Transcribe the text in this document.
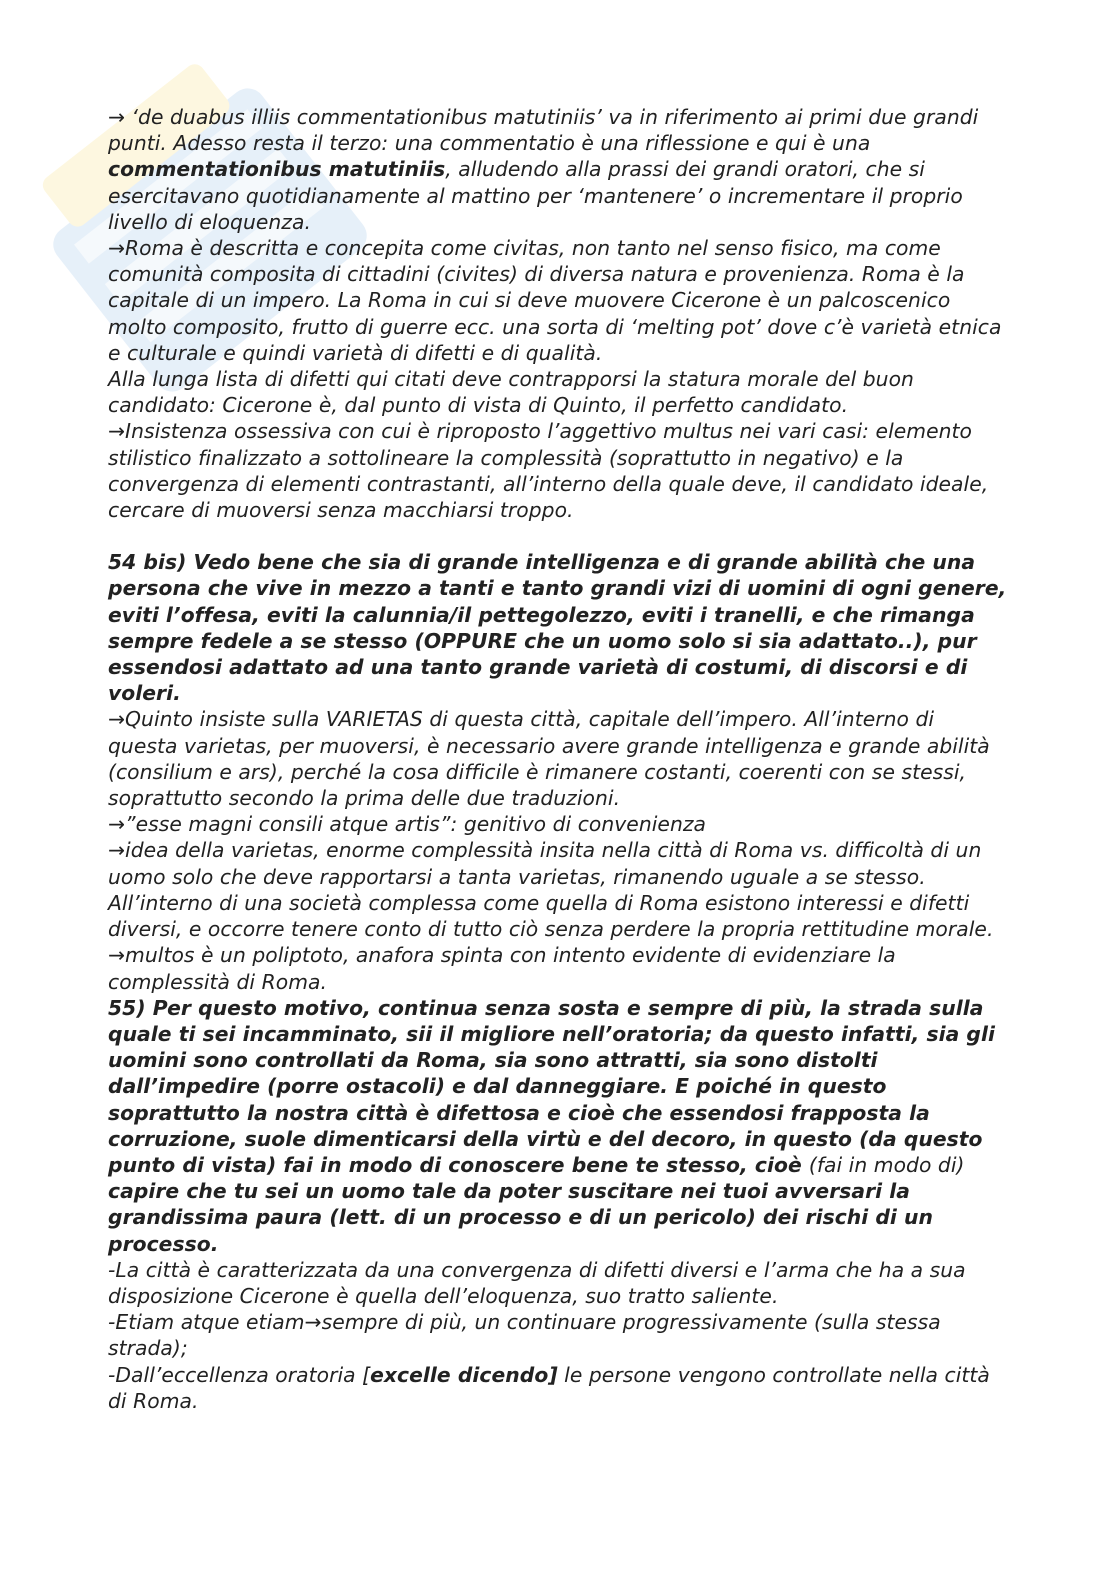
→ ‘de duabus illiis commentationibus matutiniis’ va in riferimento ai primi due grandi punti. Adesso resta il terzo: una commentatio è una riflessione e qui è una commentationibus matutiniis, alludendo alla prassi dei grandi oratori, che si esercitavano quotidianamente al mattino per ‘mantenere’ o incrementare il proprio livello di eloquenza.

→Roma è descritta e concepita come civitas, non tanto nel senso fisico, ma come comunità composita di cittadini (civites) di diversa natura e provenienza. Roma è la capitale di un impero. La Roma in cui si deve muovere Cicerone è un palcoscenico molto composito, frutto di guerre ecc. una sorta di ‘melting pot’ dove c’è varietà etnica e culturale e quindi varietà di difetti e di qualità.

Alla lunga lista di difetti qui citati deve contrapporsi la statura morale del buon candidato: Cicerone è, dal punto di vista di Quinto, il perfetto candidato.

→Insistenza ossessiva con cui è riproposto l’aggettivo multus nei vari casi: elemento stilistico finalizzato a sottolineare la complessità (soprattutto in negativo) e la convergenza di elementi contrastanti, all’interno della quale deve, il candidato ideale, cercare di muoversi senza macchiarsi troppo.

54 bis) Vedo bene che sia di grande intelligenza e di grande abilità che una persona che vive in mezzo a tanti e tanto grandi vizi di uomini di ogni genere, eviti l’offesa, eviti la calunnia/il pettegolezzo, eviti i tranelli, e che rimanga sempre fedele a se stesso (OPPURE che un uomo solo si sia adattato..), pur essendosi adattato ad una tanto grande varietà di costumi, di discorsi e di voleri.

→Quinto insiste sulla VARIETAS di questa città, capitale dell’impero. All’interno di questa varietas, per muoversi, è necessario avere grande intelligenza e grande abilità (consilium e ars), perché la cosa difficile è rimanere costanti, coerenti con se stessi, soprattutto secondo la prima delle due traduzioni.

→”esse magni consili atque artis”: genitivo di convenienza

→idea della varietas, enorme complessità insita nella città di Roma vs. difficoltà di un uomo solo che deve rapportarsi a tanta varietas, rimanendo uguale a se stesso. All’interno di una società complessa come quella di Roma esistono interessi e difetti diversi, e occorre tenere conto di tutto ciò senza perdere la propria rettitudine morale.

→multos è un poliptoto, anafora spinta con intento evidente di evidenziare la complessità di Roma.

55) Per questo motivo, continua senza sosta e sempre di più, la strada sulla quale ti sei incamminato, sii il migliore nell’oratoria; da questo infatti, sia gli uomini sono controllati da Roma, sia sono attratti, sia sono distolti dall’impedire (porre ostacoli) e dal danneggiare. E poiché in questo soprattutto la nostra città è difettosa e cioè che essendosi frapposta la corruzione, suole dimenticarsi della virtù e del decoro, in questo (da questo punto di vista) fai in modo di conoscere bene te stesso, cioè (fai in modo di) capire che tu sei un uomo tale da poter suscitare nei tuoi avversari la grandissima paura (lett. di un processo e di un pericolo) dei rischi di un processo.

-La città è caratterizzata da una convergenza di difetti diversi e l’arma che ha a sua disposizione Cicerone è quella dell’eloquenza, suo tratto saliente.

-Etiam atque etiam→sempre di più, un continuare progressivamente (sulla stessa strada);

-Dall’eccellenza oratoria [excelle dicendo] le persone vengono controllate nella città di Roma.
